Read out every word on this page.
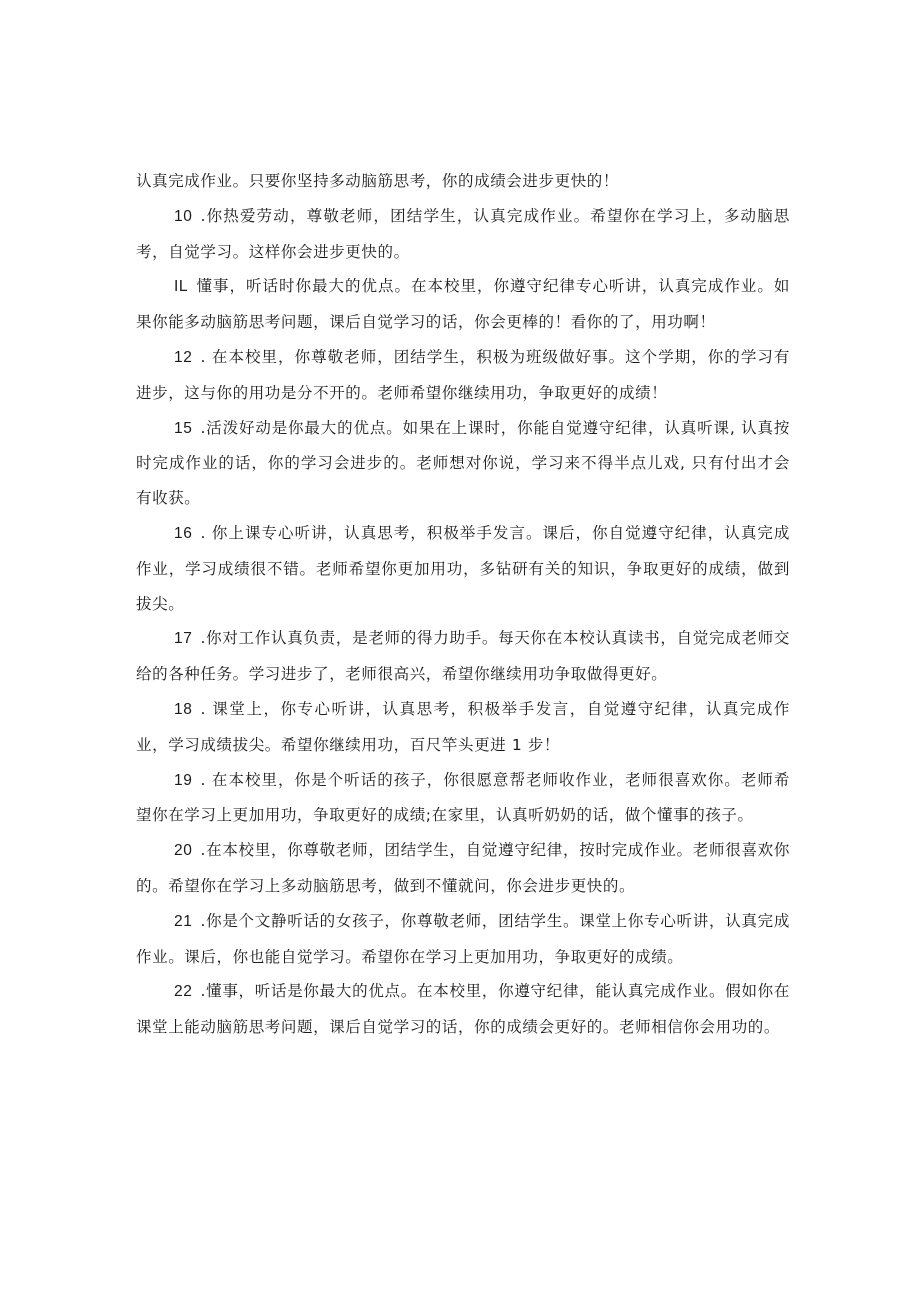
认真完成作业。只要你坚持多动脑筋思考，你的成绩会进步更快的！

10 .你热爱劳动，尊敬老师，团结学生，认真完成作业。希望你在学习上，多动脑思考，自觉学习。这样你会进步更快的。

IL 懂事，听话时你最大的优点。在本校里，你遵守纪律专心听讲，认真完成作业。如果你能多动脑筋思考问题，课后自觉学习的话，你会更棒的！看你的了，用功啊！

12 . 在本校里，你尊敬老师，团结学生，积极为班级做好事。这个学期，你的学习有进步，这与你的用功是分不开的。老师希望你继续用功，争取更好的成绩！

15 .活泼好动是你最大的优点。如果在上课时，你能自觉遵守纪律，认真听课, 认真按时完成作业的话，你的学习会进步的。老师想对你说，学习来不得半点儿戏, 只有付出才会有收获。

16 . 你上课专心听讲，认真思考，积极举手发言。课后，你自觉遵守纪律，认真完成作业，学习成绩很不错。老师希望你更加用功，多钻研有关的知识，争取更好的成绩，做到拔尖。

17 .你对工作认真负责，是老师的得力助手。每天你在本校认真读书，自觉完成老师交给的各种任务。学习进步了，老师很高兴，希望你继续用功争取做得更好。

18 . 课堂上，你专心听讲，认真思考，积极举手发言，自觉遵守纪律，认真完成作业，学习成绩拔尖。希望你继续用功，百尺竿头更进 1 步！

19 . 在本校里，你是个听话的孩子，你很愿意帮老师收作业，老师很喜欢你。老师希望你在学习上更加用功，争取更好的成绩;在家里，认真听奶奶的话，做个懂事的孩子。

20 .在本校里，你尊敬老师，团结学生，自觉遵守纪律，按时完成作业。老师很喜欢你的。希望你在学习上多动脑筋思考，做到不懂就问，你会进步更快的。

21 .你是个文静听话的女孩子，你尊敬老师，团结学生。课堂上你专心听讲，认真完成作业。课后，你也能自觉学习。希望你在学习上更加用功，争取更好的成绩。

22 .懂事，听话是你最大的优点。在本校里，你遵守纪律，能认真完成作业。假如你在课堂上能动脑筋思考问题，课后自觉学习的话，你的成绩会更好的。老师相信你会用功的。
